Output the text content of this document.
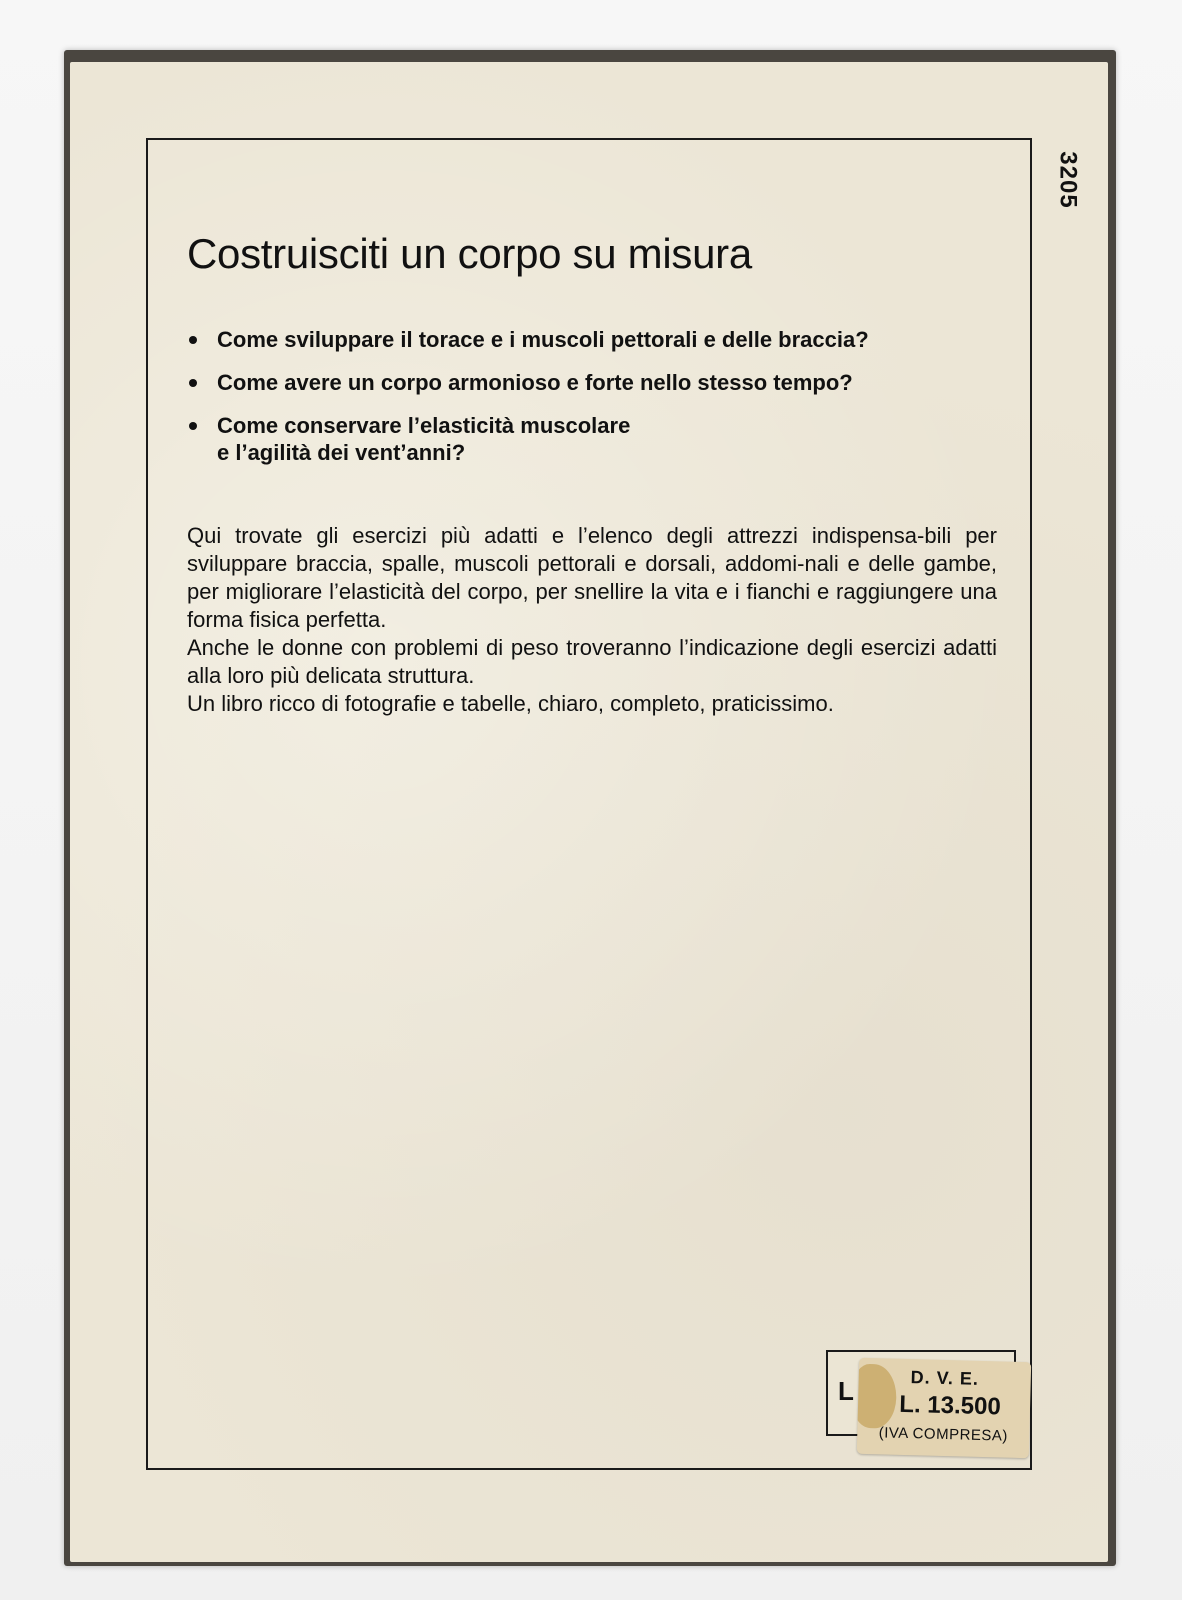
3205
Costruisciti un corpo su misura
Come sviluppare il torace e i muscoli pettorali e delle braccia?
Come avere un corpo armonioso e forte nello stesso tempo?
Come conservare l’elasticità muscolare
e l’agilità dei vent’anni?

Qui trovate gli esercizi più adatti e l’elenco degli attrezzi indispensa-bili per sviluppare braccia, spalle, muscoli pettorali e dorsali, addomi-nali e delle gambe, per migliorare l’elasticità del corpo, per snellire la vita e i fianchi e raggiungere una forma fisica perfetta.

Anche le donne con problemi di peso troveranno l’indicazione degli esercizi adatti alla loro più delicata struttura.

Un libro ricco di fotografie e tabelle, chiaro, completo, praticissimo.

L	D. V. E.
L. 13.500
(IVA COMPRESA)
